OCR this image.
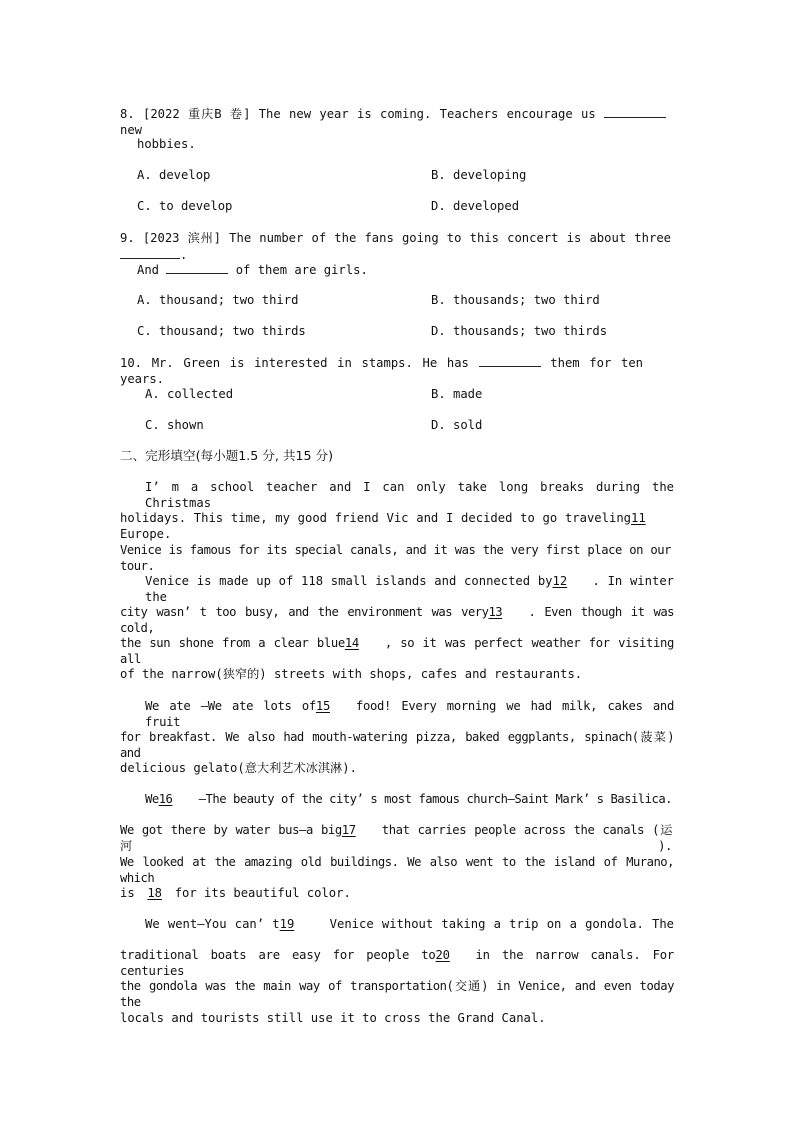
8. [2022 重庆B 卷] The new year is coming. Teachers encourage us  new
hobbies.
A. develop	B. developing
C. to develop	D. developed
9. [2023 滨州] The number of the fans going to this concert is about three .
And	of them are girls.
A. thousand; two third	B. thousands; two third
C. thousand; two thirds	D. thousands; two thirds
10. Mr. Green is interested in stamps. He has	them for ten years.
A. collected	B. made
C. shown	D. sold
二、完形填空(每小题1.5 分, 共15 分)
I’ m a school teacher and I can only take long breaks during the Christmas
holidays. This time, my good friend Vic and I decided to go traveling11Europe.
Venice is famous for its special canals, and it was the very first place on our tour.
Venice is made up of 118 small islands and connected by12 . In winter the
city wasn’ t too busy, and the environment was very13 . Even though it was cold,
the sun shone from a clear blue14 , so it was perfect weather for visiting all
of the narrow(狭窄的) streets with shops, cafes and restaurants.
We ate —We ate lots of15 food! Every morning we had milk, cakes and fruit
for breakfast. We also had mouth-watering pizza, baked eggplants, spinach(菠菜) and
delicious gelato(意大利艺术冰淇淋).
We16 —The beauty of the city’ s most famous church—Saint Mark’ s Basilica.
We got there by water bus—a big17 that carries people across the canals (运河).
We looked at the amazing old buildings. We also went to the island of Murano, which
is 18 for its beautiful color.
We went—You can’ t19	Venice without taking a trip on a gondola. The
traditional boats are easy for people to20 in the narrow canals. For centuries
the gondola was the main way of transportation(交通) in Venice, and even today the
locals and tourists still use it to cross the Grand Canal.
